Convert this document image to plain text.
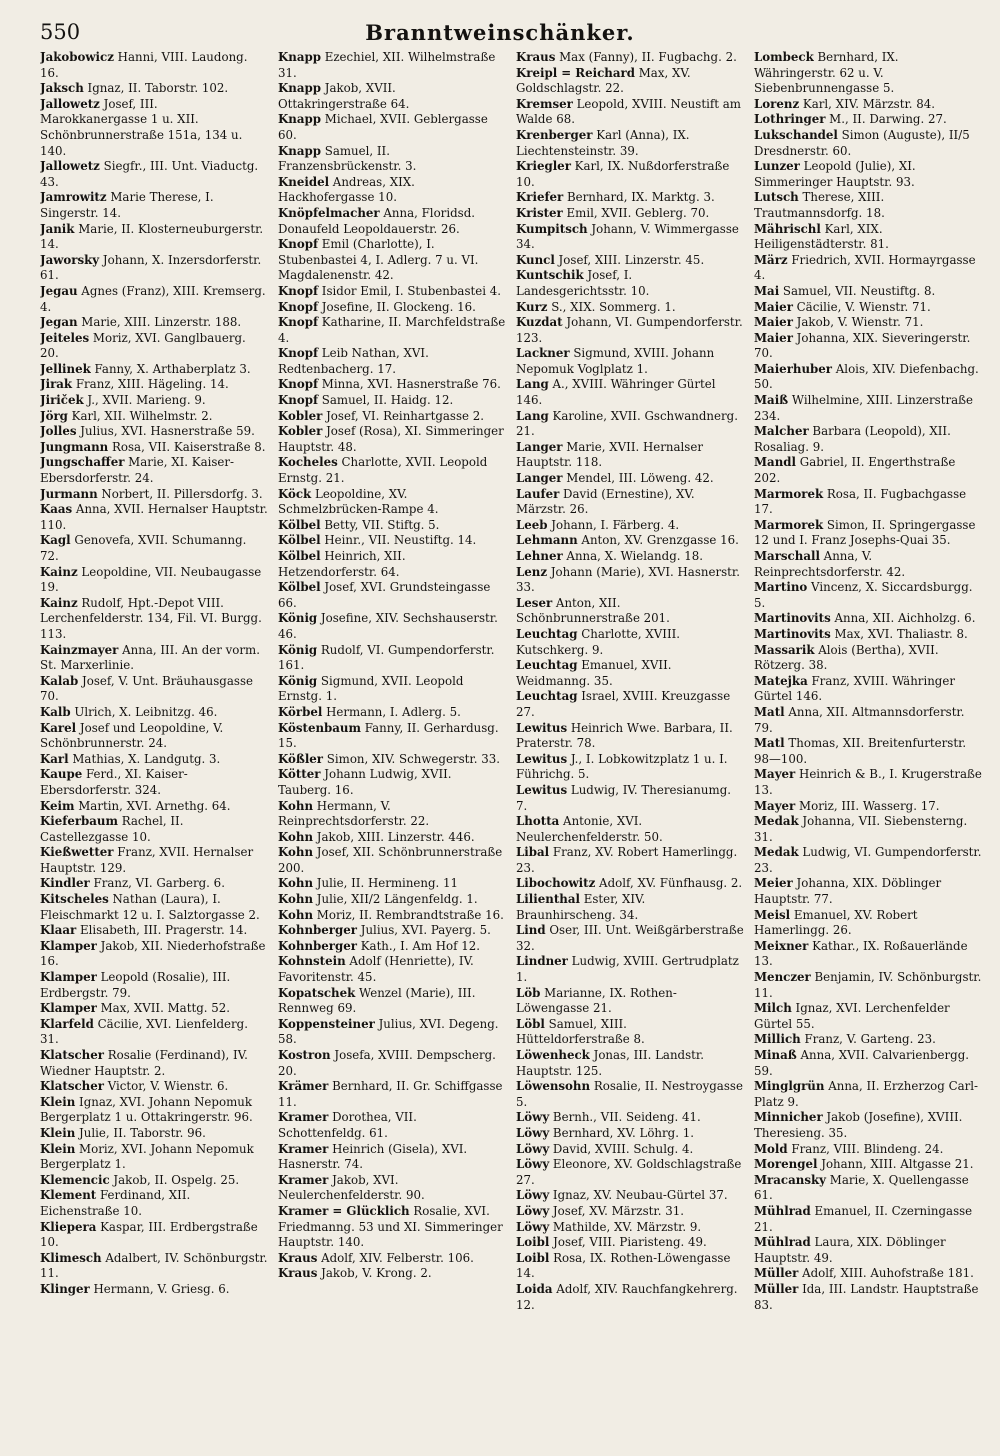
550	Branntweinschänker.
Jakobowicz Hanni, VIII. Laudong. 16.
Jaksch Ignaz, II. Taborstr. 102.
Jallowetz Josef, III. Marokkanergasse 1 u. XII. Schönbrunnerstraße 151a, 134 u. 140.
Jallowetz Siegfr., III. Unt. Viaductg. 43.
Jamrowitz Marie Therese, I. Singerstr. 14.
Janik Marie, II. Klosterneuburgerstr. 14.
Jaworsky Johann, X. Inzersdorferstr. 61.
Jegau Agnes (Franz), XIII. Kremserg. 4.
Jegan Marie, XIII. Linzerstr. 188.
Jeiteles Moriz, XVI. Ganglbauerg. 20.
Jellinek Fanny, X. Arthaberplatz 3.
Jirak Franz, XIII. Hägeling. 14.
Jiriček J., XVII. Marieng. 9.
Jörg Karl, XII. Wilhelmstr. 2.
Jolles Julius, XVI. Hasnerstraße 59.
Jungmann Rosa, VII. Kaiserstraße 8.
Jungschaffer Marie, XI. Kaiser-Ebersdorferstr. 24.
Jurmann Norbert, II. Pillersdorfg. 3.
Kaas Anna, XVII. Hernalser Hauptstr. 110.
Kagl Genovefa, XVII. Schumanng. 72.
Kainz Leopoldine, VII. Neubaugasse 19.
Kainz Rudolf, Hpt.-Depot VIII. Lerchenfelderstr. 134, Fil. VI. Burgg. 113.
Kainzmayer Anna, III. An der vorm. St. Marxerlinie.
Kalab Josef, V. Unt. Bräuhausgasse 70.
Kalb Ulrich, X. Leibnitzg. 46.
Karel Josef und Leopoldine, V. Schönbrunnerstr. 24.
Karl Mathias, X. Landgutg. 3.
Kaupe Ferd., XI. Kaiser-Ebersdorferstr. 324.
Keim Martin, XVI. Arnethg. 64.
Kieferbaum Rachel, II. Castellezgasse 10.
Kießwetter Franz, XVII. Hernalser Hauptstr. 129.
Kindler Franz, VI. Garberg. 6.
Kitscheles Nathan (Laura), I. Fleischmarkt 12 u. I. Salztorgasse 2.
Klaar Elisabeth, III. Pragerstr. 14.
Klamper Jakob, XII. Niederhofstraße 16.
Klamper Leopold (Rosalie), III. Erdbergstr. 79.
Klamper Max, XVII. Mattg. 52.
Klarfeld Cäcilie, XVI. Lienfelderg. 31.
Klatscher Rosalie (Ferdinand), IV. Wiedner Hauptstr. 2.
Klatscher Victor, V. Wienstr. 6.
Klein Ignaz, XVI. Johann Nepomuk Bergerplatz 1 u. Ottakringerstr. 96.
Klein Julie, II. Taborstr. 96.
Klein Moriz, XVI. Johann Nepomuk Bergerplatz 1.
Klemencic Jakob, II. Ospelg. 25.
Klement Ferdinand, XII. Eichenstraße 10.
Kliepera Kaspar, III. Erdbergstraße 10.
Klimesch Adalbert, IV. Schönburgstr. 11.
Klinger Hermann, V. Griesg. 6.
Knapp Ezechiel, XII. Wilhelmstraße 31.
Knapp Jakob, XVII. Ottakringerstraße 64.
Knapp Michael, XVII. Geblergasse 60.
Knapp Samuel, II. Franzensbrückenstr. 3.
Kneidel Andreas, XIX. Hackhofergasse 10.
Knöpfelmacher Anna, Floridsd. Donaufeld Leopoldauerstr. 26.
Knopf Emil (Charlotte), I. Stubenbastei 4, I. Adlerg. 7 u. VI. Magdalenenstr. 42.
Knopf Isidor Emil, I. Stubenbastei 4.
Knopf Josefine, II. Glockeng. 16.
Knopf Katharine, II. Marchfeldstraße 4.
Knopf Leib Nathan, XVI. Redtenbacherg. 17.
Knopf Minna, XVI. Hasnerstraße 76.
Knopf Samuel, II. Haidg. 12.
Kobler Josef, VI. Reinhartgasse 2.
Kobler Josef (Rosa), XI. Simmeringer Hauptstr. 48.
Kocheles Charlotte, XVII. Leopold Ernstg. 21.
Köck Leopoldine, XV. Schmelzbrücken-Rampe 4.
Kölbel Betty, VII. Stiftg. 5.
Kölbel Heinr., VII. Neustiftg. 14.
Kölbel Heinrich, XII. Hetzendorferstr. 64.
Kölbel Josef, XVI. Grundsteingasse 66.
König Josefine, XIV. Sechshauserstr. 46.
König Rudolf, VI. Gumpendorferstr. 161.
König Sigmund, XVII. Leopold Ernstg. 1.
Körbel Hermann, I. Adlerg. 5.
Köstenbaum Fanny, II. Gerhardusg. 15.
Kößler Simon, XIV. Schwegerstr. 33.
Kötter Johann Ludwig, XVII. Tauberg. 16.
Kohn Hermann, V. Reinprechtsdorferstr. 22.
Kohn Jakob, XIII. Linzerstr. 446.
Kohn Josef, XII. Schönbrunnerstraße 200.
Kohn Julie, II. Hermineng. 11
Kohn Julie, XII/2 Längenfeldg. 1.
Kohn Moriz, II. Rembrandtstraße 16.
Kohnberger Julius, XVI. Payerg. 5.
Kohnberger Kath., I. Am Hof 12.
Kohnstein Adolf (Henriette), IV. Favoritenstr. 45.
Kopatschek Wenzel (Marie), III. Rennweg 69.
Koppensteiner Julius, XVI. Degeng. 58.
Kostron Josefa, XVIII. Dempscherg. 20.
Krämer Bernhard, II. Gr. Schiffgasse 11.
Kramer Dorothea, VII. Schottenfeldg. 61.
Kramer Heinrich (Gisela), XVI. Hasnerstr. 74.
Kramer Jakob, XVI. Neulerchenfelderstr. 90.
Kramer = Glücklich Rosalie, XVI. Friedmanng. 53 und XI. Simmeringer Hauptstr. 140.
Kraus Adolf, XIV. Felberstr. 106.
Kraus Jakob, V. Krong. 2.
Kraus Max (Fanny), II. Fugbachg. 2.
Kreipl = Reichard Max, XV. Goldschlagstr. 22.
Kremser Leopold, XVIII. Neustift am Walde 68.
Krenberger Karl (Anna), IX. Liechtensteinstr. 39.
Kriegler Karl, IX. Nußdorferstraße 10.
Kriefer Bernhard, IX. Marktg. 3.
Krister Emil, XVII. Geblerg. 70.
Kumpitsch Johann, V. Wimmergasse 34.
Kuncl Josef, XIII. Linzerstr. 45.
Kuntschik Josef, I. Landesgerichtsstr. 10.
Kurz S., XIX. Sommerg. 1.
Kuzdat Johann, VI. Gumpendorferstr. 123.
Lackner Sigmund, XVIII. Johann Nepomuk Voglplatz 1.
Lang A., XVIII. Währinger Gürtel 146.
Lang Karoline, XVII. Gschwandnerg. 21.
Langer Marie, XVII. Hernalser Hauptstr. 118.
Langer Mendel, III. Löweng. 42.
Laufer David (Ernestine), XV. Märzstr. 26.
Leeb Johann, I. Färberg. 4.
Lehmann Anton, XV. Grenzgasse 16.
Lehner Anna, X. Wielandg. 18.
Lenz Johann (Marie), XVI. Hasnerstr. 33.
Leser Anton, XII. Schönbrunnerstraße 201.
Leuchtag Charlotte, XVIII. Kutschkerg. 9.
Leuchtag Emanuel, XVII. Weidmanng. 35.
Leuchtag Israel, XVIII. Kreuzgasse 27.
Lewitus Heinrich Wwe. Barbara, II. Praterstr. 78.
Lewitus J., I. Lobkowitzplatz 1 u. I. Führichg. 5.
Lewitus Ludwig, IV. Theresianumg. 7.
Lhotta Antonie, XVI. Neulerchenfelderstr. 50.
Libal Franz, XV. Robert Hamerlingg. 23.
Libochowitz Adolf, XV. Fünfhausg. 2.
Lilienthal Ester, XIV. Braunhirscheng. 34.
Lind Oser, III. Unt. Weißgärberstraße 32.
Lindner Ludwig, XVIII. Gertrudplatz 1.
Löb Marianne, IX. Rothen-Löwengasse 21.
Löbl Samuel, XIII. Hütteldorferstraße 8.
Löwenheck Jonas, III. Landstr. Hauptstr. 125.
Löwensohn Rosalie, II. Nestroygasse 5.
Löwy Bernh., VII. Seideng. 41.
Löwy Bernhard, XV. Löhrg. 1.
Löwy David, XVIII. Schulg. 4.
Löwy Eleonore, XV. Goldschlagstraße 27.
Löwy Ignaz, XV. Neubau-Gürtel 37.
Löwy Josef, XV. Märzstr. 31.
Löwy Mathilde, XV. Märzstr. 9.
Loibl Josef, VIII. Piaristeng. 49.
Loibl Rosa, IX. Rothen-Löwengasse 14.
Loida Adolf, XIV. Rauchfangkehrerg. 12.
Lombeck Bernhard, IX. Währingerstr. 62 u. V. Siebenbrunnengasse 5.
Lorenz Karl, XIV. Märzstr. 84.
Lothringer M., II. Darwing. 27.
Lukschandel Simon (Auguste), II/5 Dresdnerstr. 60.
Lunzer Leopold (Julie), XI. Simmeringer Hauptstr. 93.
Lutsch Therese, XIII. Trautmannsdorfg. 18.
Mährischl Karl, XIX. Heiligenstädterstr. 81.
März Friedrich, XVII. Hormayrgasse 4.
Mai Samuel, VII. Neustiftg. 8.
Maier Cäcilie, V. Wienstr. 71.
Maier Jakob, V. Wienstr. 71.
Maier Johanna, XIX. Sieveringerstr. 70.
Maierhuber Alois, XIV. Diefenbachg. 50.
Maiß Wilhelmine, XIII. Linzerstraße 234.
Malcher Barbara (Leopold), XII. Rosaliag. 9.
Mandl Gabriel, II. Engerthstraße 202.
Marmorek Rosa, II. Fugbachgasse 17.
Marmorek Simon, II. Springergasse 12 und I. Franz Josephs-Quai 35.
Marschall Anna, V. Reinprechtsdorferstr. 42.
Martino Vincenz, X. Siccardsburgg. 5.
Martinovits Anna, XII. Aichholzg. 6.
Martinovits Max, XVI. Thaliastr. 8.
Massarik Alois (Bertha), XVII. Rötzerg. 38.
Matejka Franz, XVIII. Währinger Gürtel 146.
Matl Anna, XII. Altmannsdorferstr. 79.
Matl Thomas, XII. Breitenfurterstr. 98—100.
Mayer Heinrich & B., I. Krugerstraße 13.
Mayer Moriz, III. Wasserg. 17.
Medak Johanna, VII. Siebensterng. 31.
Medak Ludwig, VI. Gumpendorferstr. 23.
Meier Johanna, XIX. Döblinger Hauptstr. 77.
Meisl Emanuel, XV. Robert Hamerlingg. 26.
Meixner Kathar., IX. Roßauerlände 13.
Menczer Benjamin, IV. Schönburgstr. 11.
Milch Ignaz, XVI. Lerchenfelder Gürtel 55.
Millich Franz, V. Garteng. 23.
Minaß Anna, XVII. Calvarienbergg. 59.
Minglgrün Anna, II. Erzherzog Carl-Platz 9.
Minnicher Jakob (Josefine), XVIII. Theresieng. 35.
Mold Franz, VIII. Blindeng. 24.
Morengel Johann, XIII. Altgasse 21.
Mracansky Marie, X. Quellengasse 61.
Mühlrad Emanuel, II. Czerningasse 21.
Mühlrad Laura, XIX. Döblinger Hauptstr. 49.
Müller Adolf, XIII. Auhofstraße 181.
Müller Ida, III. Landstr. Hauptstraße 83.
